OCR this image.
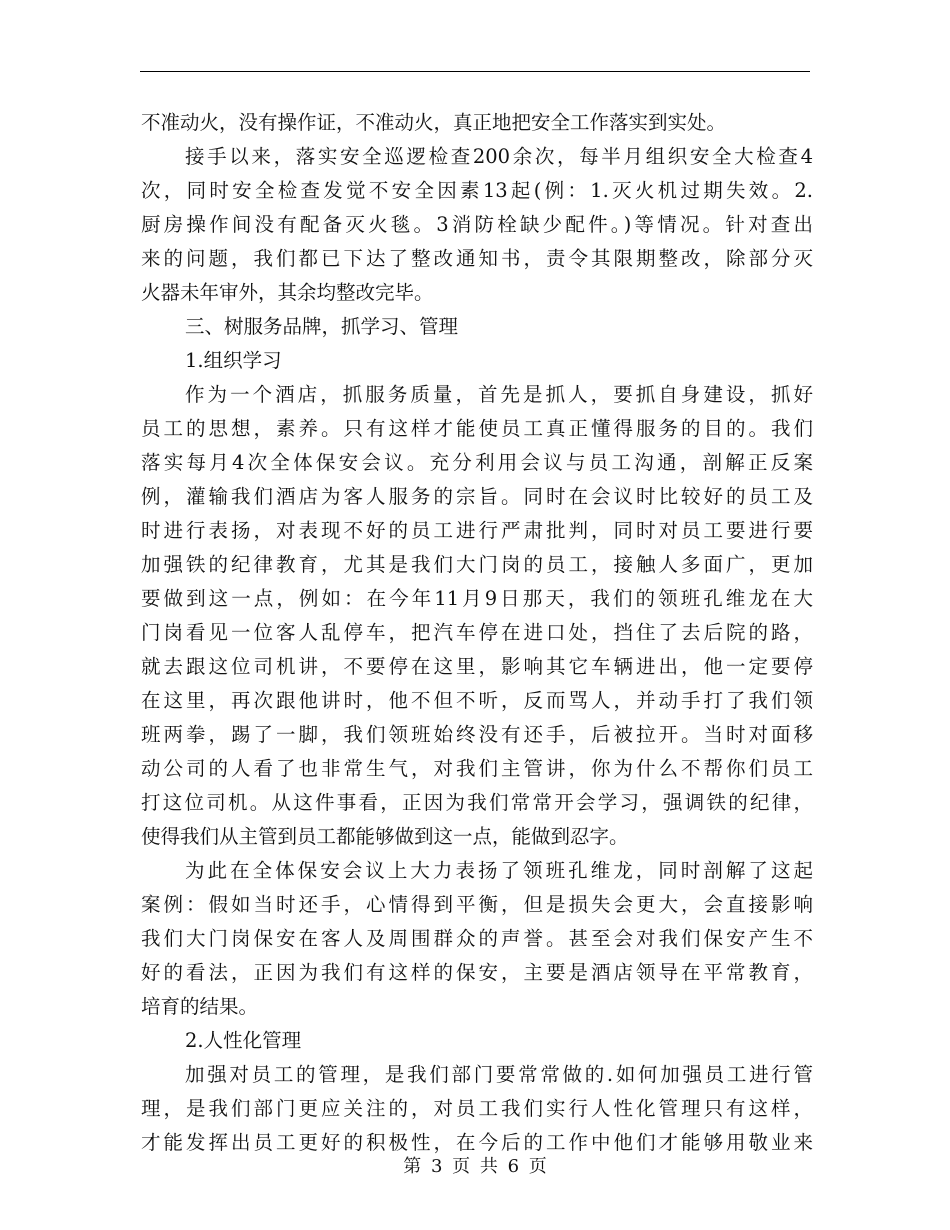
不准动火，没有操作证，不准动火，真正地把安全工作落实到实处。
接手以来，落实安全巡逻检查200余次，每半月组织安全大检查4
次，同时安全检查发觉不安全因素13起(例：1.灭火机过期失效。2.
厨房操作间没有配备灭火毯。3消防栓缺少配件。)等情况。针对查出
来的问题，我们都已下达了整改通知书，责令其限期整改，除部分灭
火器未年审外，其余均整改完毕。
三、树服务品牌，抓学习、管理
1.组织学习
作为一个酒店，抓服务质量，首先是抓人，要抓自身建设，抓好
员工的思想，素养。只有这样才能使员工真正懂得服务的目的。我们
落实每月4次全体保安会议。充分利用会议与员工沟通，剖解正反案
例，灌输我们酒店为客人服务的宗旨。同时在会议时比较好的员工及
时进行表扬，对表现不好的员工进行严肃批判，同时对员工要进行要
加强铁的纪律教育，尤其是我们大门岗的员工，接触人多面广，更加
要做到这一点，例如：在今年11月9日那天，我们的领班孔维龙在大
门岗看见一位客人乱停车，把汽车停在进口处，挡住了去后院的路，
就去跟这位司机讲，不要停在这里，影响其它车辆进出，他一定要停
在这里，再次跟他讲时，他不但不听，反而骂人，并动手打了我们领
班两拳，踢了一脚，我们领班始终没有还手，后被拉开。当时对面移
动公司的人看了也非常生气，对我们主管讲，你为什么不帮你们员工
打这位司机。从这件事看，正因为我们常常开会学习，强调铁的纪律，
使得我们从主管到员工都能够做到这一点，能做到忍字。
为此在全体保安会议上大力表扬了领班孔维龙，同时剖解了这起
案例：假如当时还手，心情得到平衡，但是损失会更大，会直接影响
我们大门岗保安在客人及周围群众的声誉。甚至会对我们保安产生不
好的看法，正因为我们有这样的保安，主要是酒店领导在平常教育，
培育的结果。
2.人性化管理
加强对员工的管理，是我们部门要常常做的.如何加强员工进行管
理，是我们部门更应关注的，对员工我们实行人性化管理只有这样，
才能发挥出员工更好的积极性，在今后的工作中他们才能够用敬业来
第 3 页 共 6 页
